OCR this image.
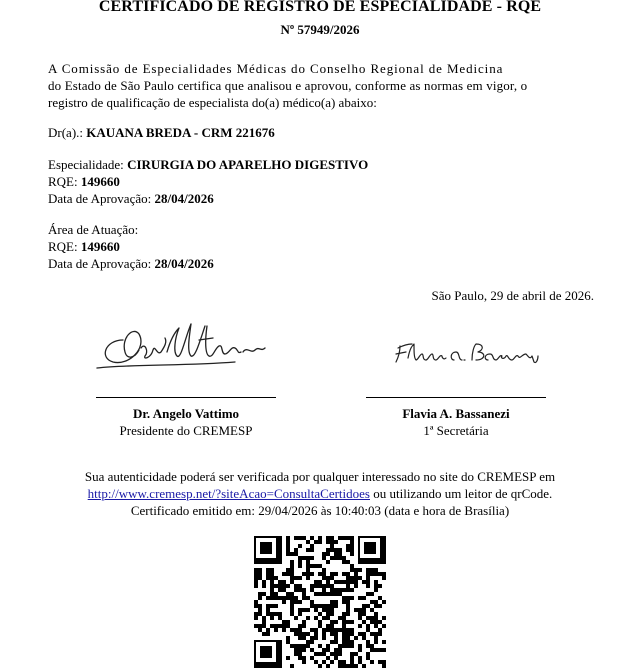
CERTIFICADO DE REGISTRO DE ESPECIALIDADE - RQE
Nº 57949/2026
A Comissão de Especialidades Médicas do Conselho Regional de Medicina
do Estado de São Paulo certifica que analisou e aprovou, conforme as normas em vigor, o
registro de qualificação de especialista do(a) médico(a) abaixo:
Dr(a).: KAUANA BREDA - CRM 221676
Especialidade: CIRURGIA DO APARELHO DIGESTIVO
RQE: 149660
Data de Aprovação: 28/04/2026
Área de Atuação:
RQE: 149660
Data de Aprovação: 28/04/2026
São Paulo, 29 de abril de 2026.
Dr. Angelo Vattimo
Presidente do CREMESP
Flavia A. Bassanezi
1ª Secretária
Sua autenticidade poderá ser verificada por qualquer interessado no site do CREMESP em
http://www.cremesp.net/?siteAcao=ConsultaCertidoes ou utilizando um leitor de qrCode.
Certificado emitido em: 29/04/2026 às 10:40:03 (data e hora de Brasília)
